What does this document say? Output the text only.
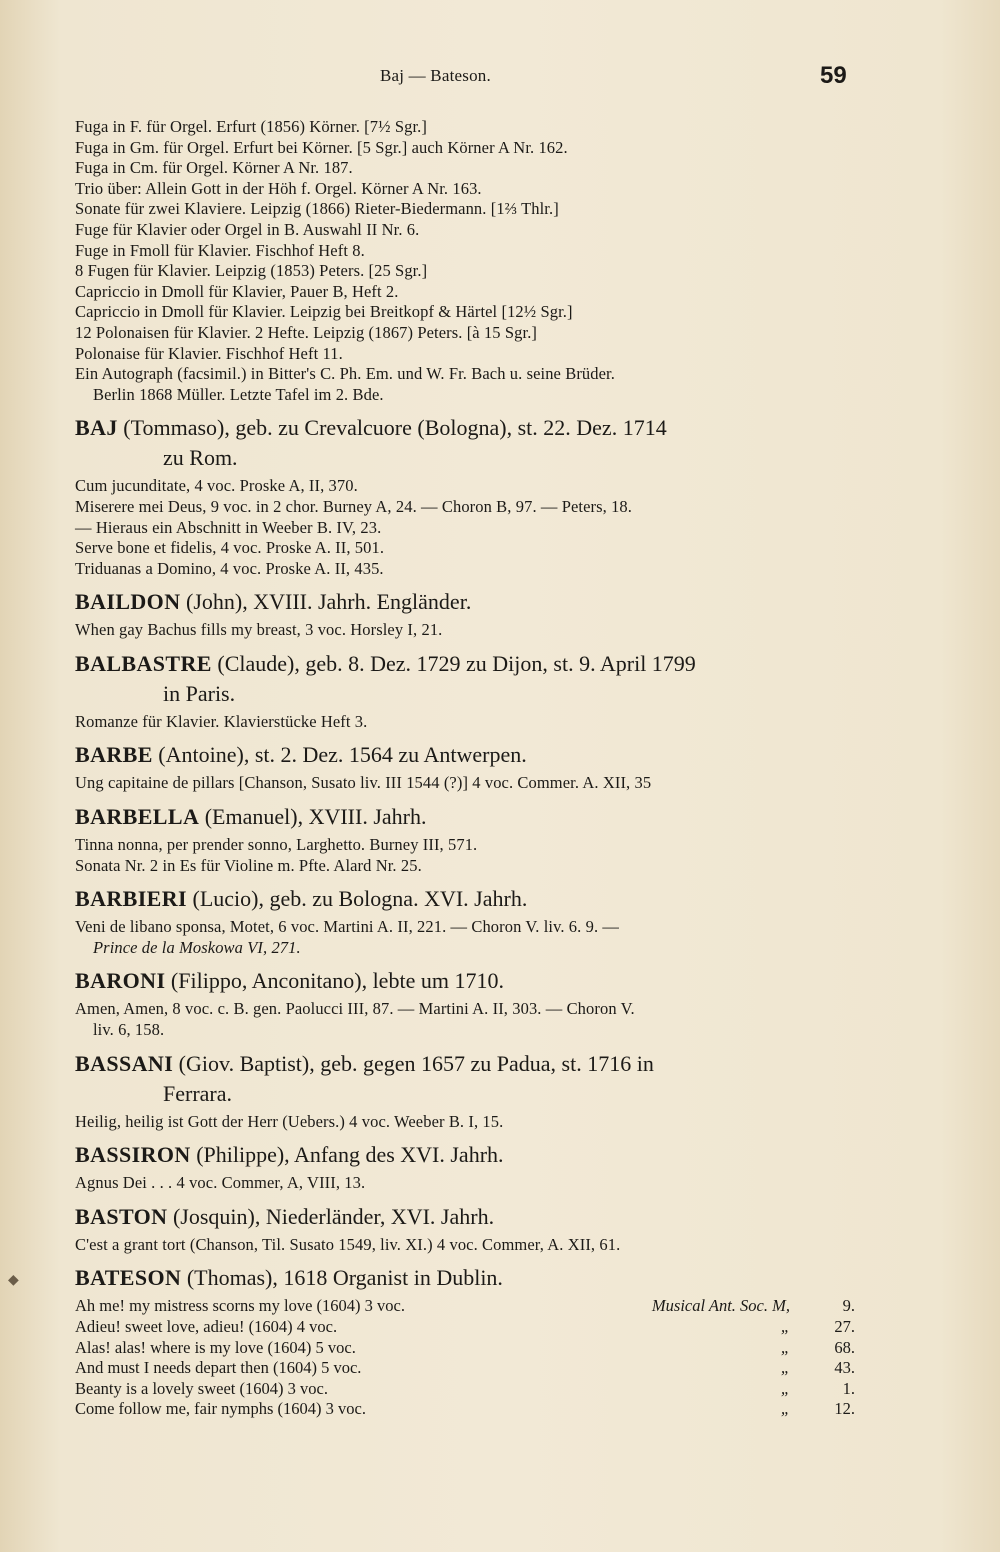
Baj — Bateson.	59
Fuga in F. für Orgel. Erfurt (1856) Körner. [7½ Sgr.]
Fuga in Gm. für Orgel. Erfurt bei Körner. [5 Sgr.] auch Körner A Nr. 162.
Fuga in Cm. für Orgel. Körner A Nr. 187.
Trio über: Allein Gott in der Höh f. Orgel. Körner A Nr. 163.
Sonate für zwei Klaviere. Leipzig (1866) Rieter-Biedermann. [1⅔ Thlr.]
Fuge für Klavier oder Orgel in B. Auswahl II Nr. 6.
Fuge in Fmoll für Klavier. Fischhof Heft 8.
8 Fugen für Klavier. Leipzig (1853) Peters. [25 Sgr.]
Capriccio in Dmoll für Klavier, Pauer B, Heft 2.
Capriccio in Dmoll für Klavier. Leipzig bei Breitkopf & Härtel [12½ Sgr.]
12 Polonaisen für Klavier. 2 Hefte. Leipzig (1867) Peters. [à 15 Sgr.]
Polonaise für Klavier. Fischhof Heft 11.
Ein Autograph (facsimil.) in Bitter's C. Ph. Em. und W. Fr. Bach u. seine Brüder.
Berlin 1868 Müller. Letzte Tafel im 2. Bde.
BAJ (Tommaso), geb. zu Crevalcuore (Bologna), st. 22. Dez. 1714
zu Rom.
Cum jucunditate, 4 voc. Proske A, II, 370.
Miserere mei Deus, 9 voc. in 2 chor. Burney A, 24. — Choron B, 97. — Peters, 18.
— Hieraus ein Abschnitt in Weeber B. IV, 23.
Serve bone et fidelis, 4 voc. Proske A. II, 501.
Triduanas a Domino, 4 voc. Proske A. II, 435.
BAILDON (John), XVIII. Jahrh. Engländer.
When gay Bachus fills my breast, 3 voc. Horsley I, 21.
BALBASTRE (Claude), geb. 8. Dez. 1729 zu Dijon, st. 9. April 1799
in Paris.
Romanze für Klavier. Klavierstücke Heft 3.
BARBE (Antoine), st. 2. Dez. 1564 zu Antwerpen.
Ung capitaine de pillars [Chanson, Susato liv. III 1544 (?)] 4 voc. Commer. A. XII, 35
BARBELLA (Emanuel), XVIII. Jahrh.
Tinna nonna, per prender sonno, Larghetto. Burney III, 571.
Sonata Nr. 2 in Es für Violine m. Pfte. Alard Nr. 25.
BARBIERI (Lucio), geb. zu Bologna. XVI. Jahrh.
Veni de libano sponsa, Motet, 6 voc. Martini A. II, 221. — Choron V. liv. 6. 9. —
Prince de la Moskowa VI, 271.
BARONI (Filippo, Anconitano), lebte um 1710.
Amen, Amen, 8 voc. c. B. gen. Paolucci III, 87. — Martini A. II, 303. — Choron V.
liv. 6, 158.
BASSANI (Giov. Baptist), geb. gegen 1657 zu Padua, st. 1716 in
Ferrara.
Heilig, heilig ist Gott der Herr (Uebers.) 4 voc. Weeber B. I, 15.
BASSIRON (Philippe), Anfang des XVI. Jahrh.
Agnus Dei . . . 4 voc. Commer, A, VIII, 13.
BASTON (Josquin), Niederländer, XVI. Jahrh.
C'est a grant tort (Chanson, Til. Susato 1549, liv. XI.) 4 voc. Commer, A. XII, 61.
BATESON (Thomas), 1618 Organist in Dublin.
Ah me! my mistress scorns my love (1604) 3 voc.	Musical Ant. Soc. M,	9.
Adieu! sweet love, adieu! (1604) 4 voc.	„	27.
Alas! alas! where is my love (1604) 5 voc.	„	68.
And must I needs depart then (1604) 5 voc.	„	43.
Beanty is a lovely sweet (1604) 3 voc.	„	1.
Come follow me, fair nymphs (1604) 3 voc.	„	12.
◆
